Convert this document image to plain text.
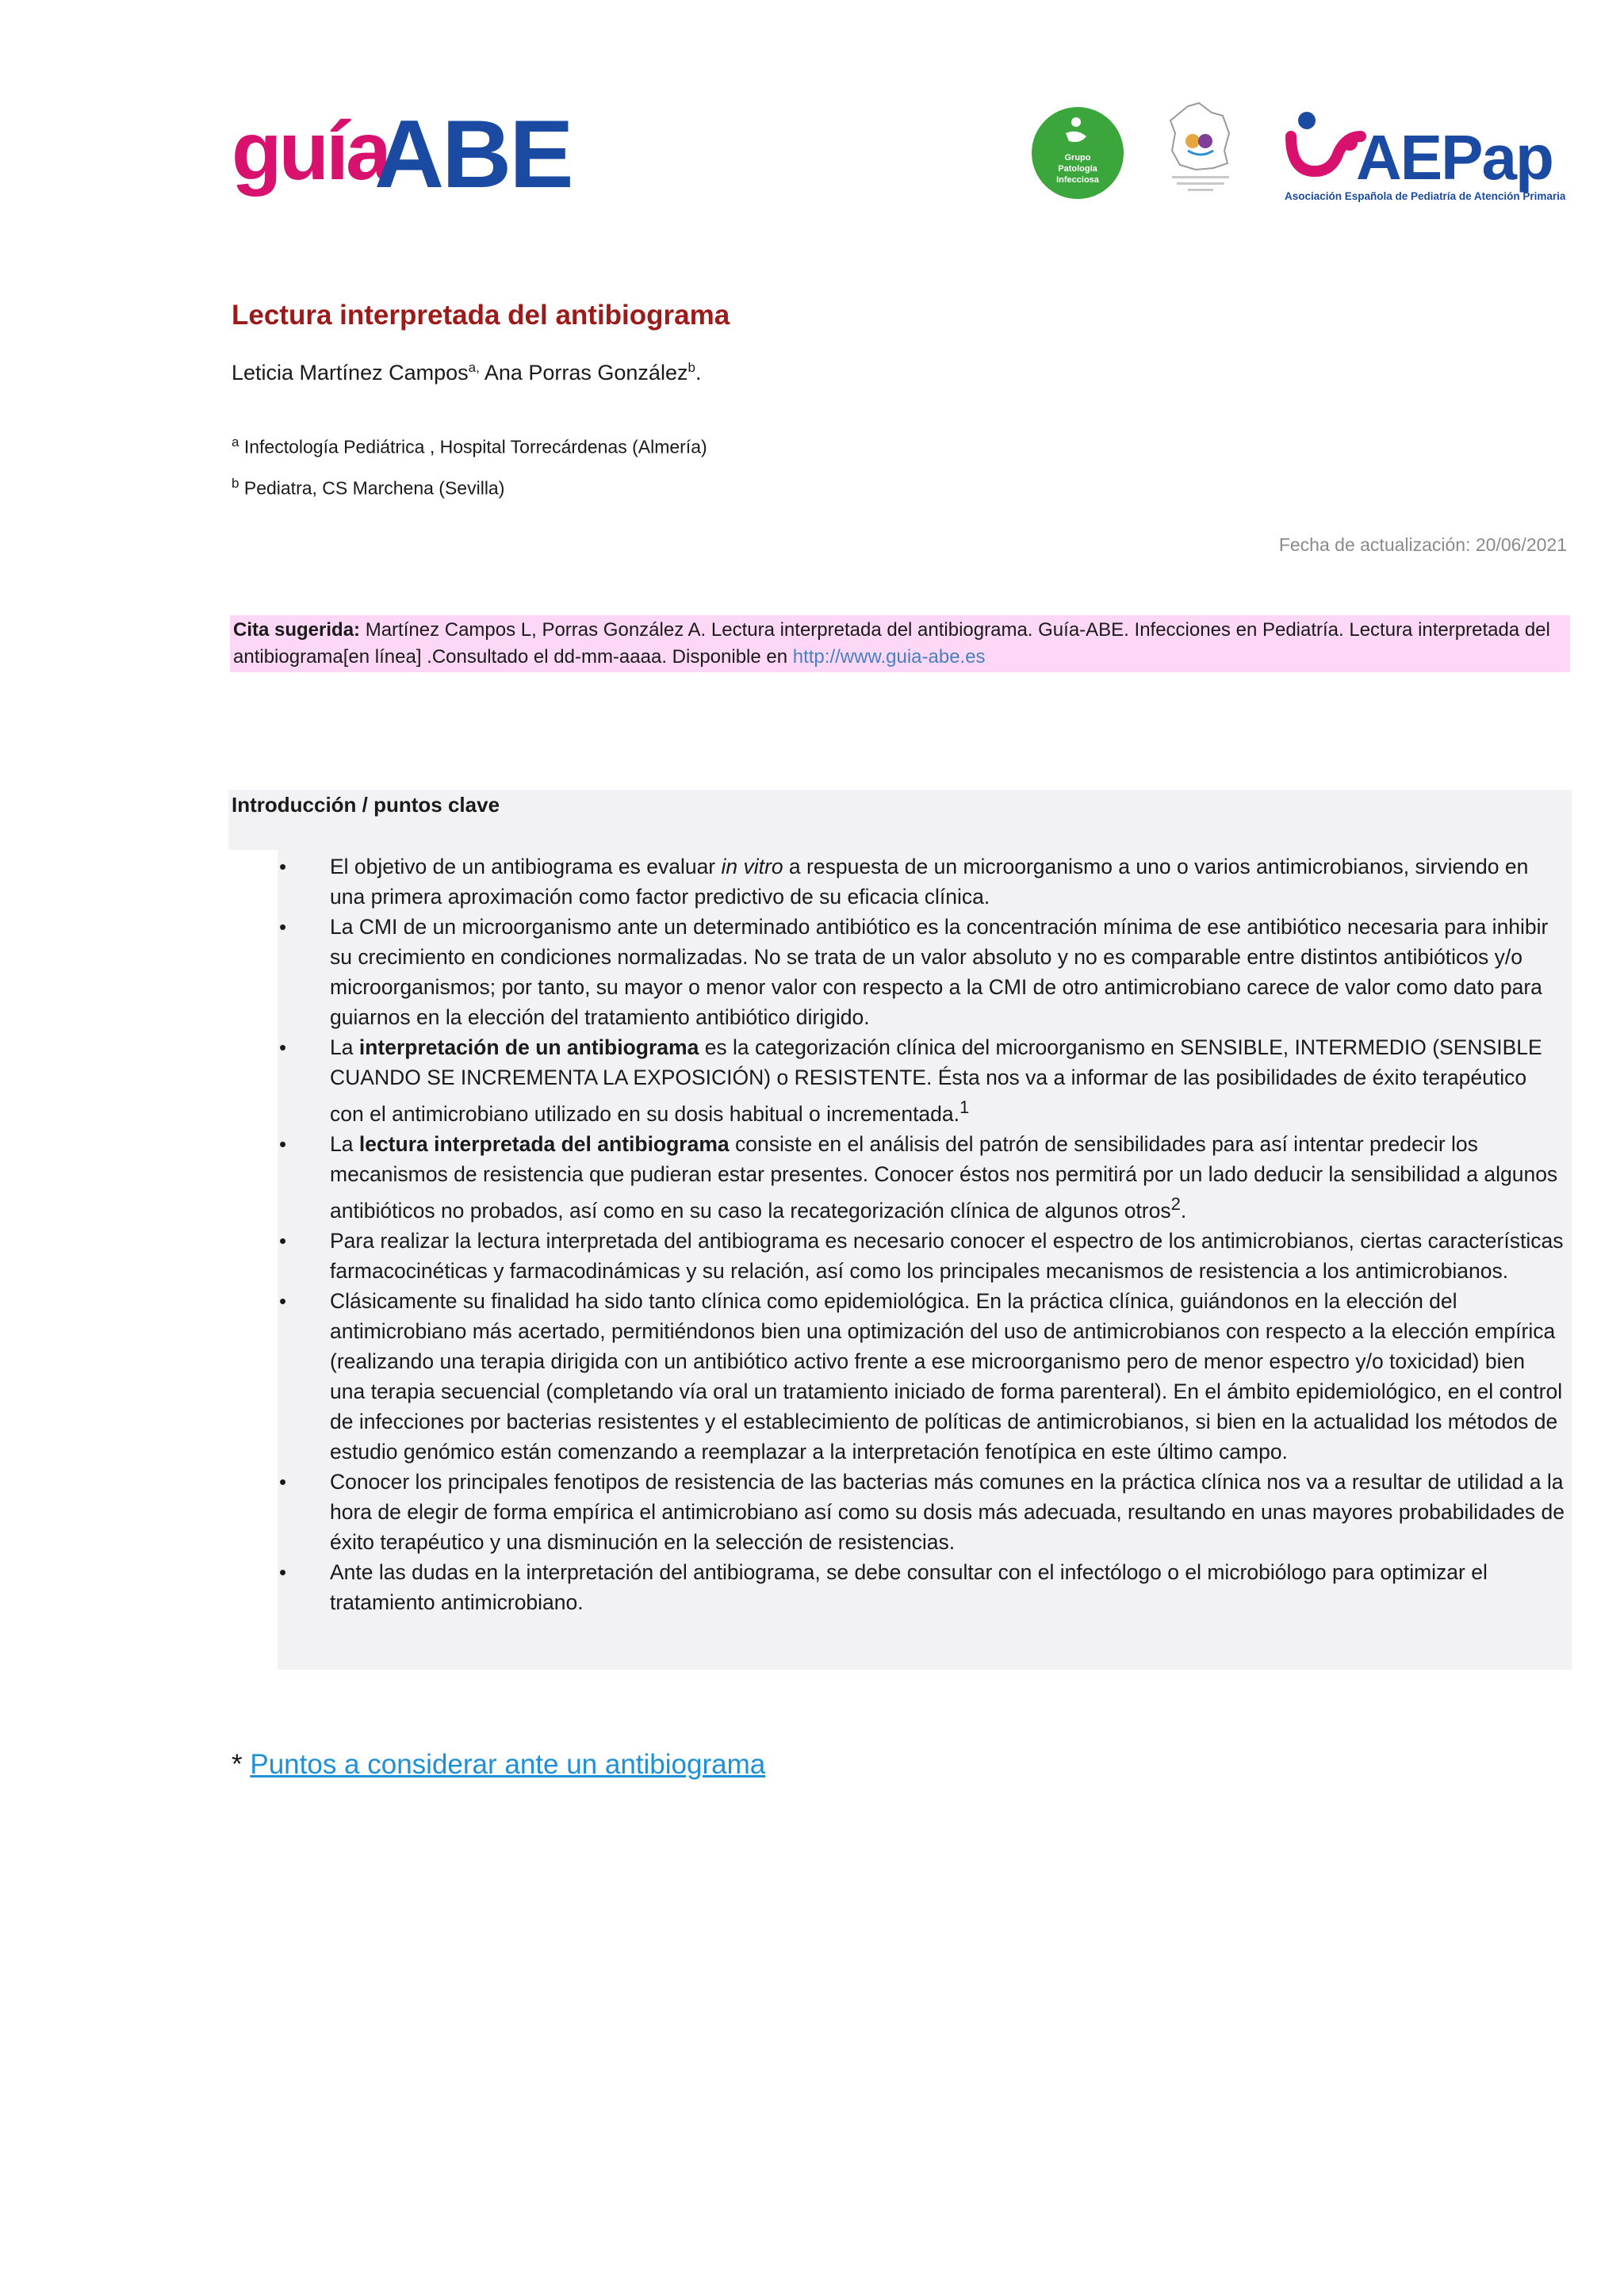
guía
ABE	Grupo
Patología
Infecciosa	AEPap
Asociación Española de Pediatría de Atención Primaria
Lectura interpretada del antibiograma
Leticia Martínez Campos$^{a,}$ Ana Porras González$^b$.
$^a$ Infectología Pediátrica , Hospital Torrecárdenas (Almería)
$^b$ Pediatra, CS Marchena (Sevilla)
Fecha de actualización: 20/06/2021
Cita sugerida: Martínez Campos L, Porras González A. Lectura interpretada del antibiograma. Guía-ABE. Infecciones en Pediatría. Lectura interpretada del antibiograma[en línea] .Consultado el dd-mm-aaaa. Disponible en http://www.guia-abe.es
Introducción / puntos clave
• El objetivo de un antibiograma es evaluar in vitro a respuesta de un microorganismo a uno o varios antimicrobianos, sirviendo en una primera aproximación como factor predictivo de su eficacia clínica.
• La CMI de un microorganismo ante un determinado antibiótico es la concentración mínima de ese antibiótico necesaria para inhibir su crecimiento en condiciones normalizadas. No se trata de un valor absoluto y no es comparable entre distintos antibióticos y/o microorganismos; por tanto, su mayor o menor valor con respecto a la CMI de otro antimicrobiano carece de valor como dato para guiarnos en la elección del tratamiento antibiótico dirigido.
• La interpretación de un antibiograma es la categorización clínica del microorganismo en SENSIBLE, INTERMEDIO (SENSIBLE CUANDO SE INCREMENTA LA EXPOSICIÓN) o RESISTENTE. Ésta nos va a informar de las posibilidades de éxito terapéutico con el antimicrobiano utilizado en su dosis habitual o incrementada.$^1$
• La lectura interpretada del antibiograma consiste en el análisis del patrón de sensibilidades para así intentar predecir los mecanismos de resistencia que pudieran estar presentes. Conocer éstos nos permitirá por un lado deducir la sensibilidad a algunos antibióticos no probados, así como en su caso la recategorización clínica de algunos otros$^2$.
• Para realizar la lectura interpretada del antibiograma es necesario conocer el espectro de los antimicrobianos, ciertas características farmacocinéticas y farmacodinámicas y su relación, así como los principales mecanismos de resistencia a los antimicrobianos.
• Clásicamente su finalidad ha sido tanto clínica como epidemiológica. En la práctica clínica, guiándonos en la elección del antimicrobiano más acertado, permitiéndonos bien una optimización del uso de antimicrobianos con respecto a la elección empírica (realizando una terapia dirigida con un antibiótico activo frente a ese microorganismo pero de menor espectro y/o toxicidad) bien una terapia secuencial (completando vía oral un tratamiento iniciado de forma parenteral). En el ámbito epidemiológico, en el control de infecciones por bacterias resistentes y el establecimiento de políticas de antimicrobianos, si bien en la actualidad los métodos de estudio genómico están comenzando a reemplazar a la interpretación fenotípica en este último campo.
• Conocer los principales fenotipos de resistencia de las bacterias más comunes en la práctica clínica nos va a resultar de utilidad a la hora de elegir de forma empírica el antimicrobiano así como su dosis más adecuada, resultando en unas mayores probabilidades de éxito terapéutico y una disminución en la selección de resistencias.
• Ante las dudas en la interpretación del antibiograma, se debe consultar con el infectólogo o el microbiólogo para optimizar el tratamiento antimicrobiano.
* Puntos a considerar ante un antibiograma
